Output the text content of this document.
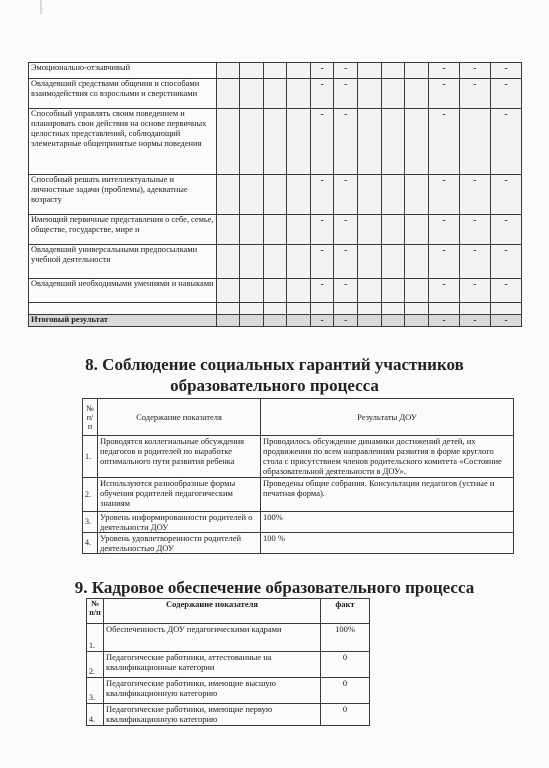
Эмоционально-отзывчивый					-	-				-	-	-
Овладевший средствами общения и способами взаимодействия со взрослыми и сверстниками					-	-				-	-	-
Способный управлять своим поведением и планировать свои действия на основе первичных целостных представлений, соблюдающий элементарные общепринятые нормы поведения					-	-				-		-
Способный решать интеллектуальные и личностные задачи (проблемы), адекватные возрасту					-	-				-	-	-
Имеющий первичные представления о себе, семье, обществе, государстве, мире и					-	-				-	-	-
Овладевший универсальными предпосылками учебной деятельности					-	-				-	-	-
Овладевший необходимыми умениями и навыками					-	-				-	-	-

Итоговый результат					-	-				-	-	-
8. Соблюдение социальных гарантий участников
образовательного процесса
№ п/ п	Содержание показателя	Результаты ДОУ
1.	Проводятся коллегиальные обсуждения педагогов и родителей по выработке оптимального пути развития ребенка	Проводилось обсуждение динамики достижений детей, их продвижения по всем направлениям развития в форме круглого стола с присутствием членов родительского комитета «Состояние образовательной деятельности в ДОУ».
2.	Используются разнообразные формы обучения родителей педагогическим знаниям	Проведены общие собрания. Консультации педагогов (устные и печатная форма).
3.	Уровень информированности родителей о деятельности ДОУ	100%
4.	Уровень удовлетворенности родителей деятельностью ДОУ	100 %
9. Кадровое обеспечение образовательного процесса
№ п/п	Содержание показателя	факт
1.	Обеспеченность ДОУ педагогическими кадрами	100%
2.	Педагогические работники, аттестованные на квалификационные категории	0
3.	Педагогические работники, имеющие высшую квалификационную категорию	0
4.	Педагогические работники, имеющие первую квалификационную категорию	0
